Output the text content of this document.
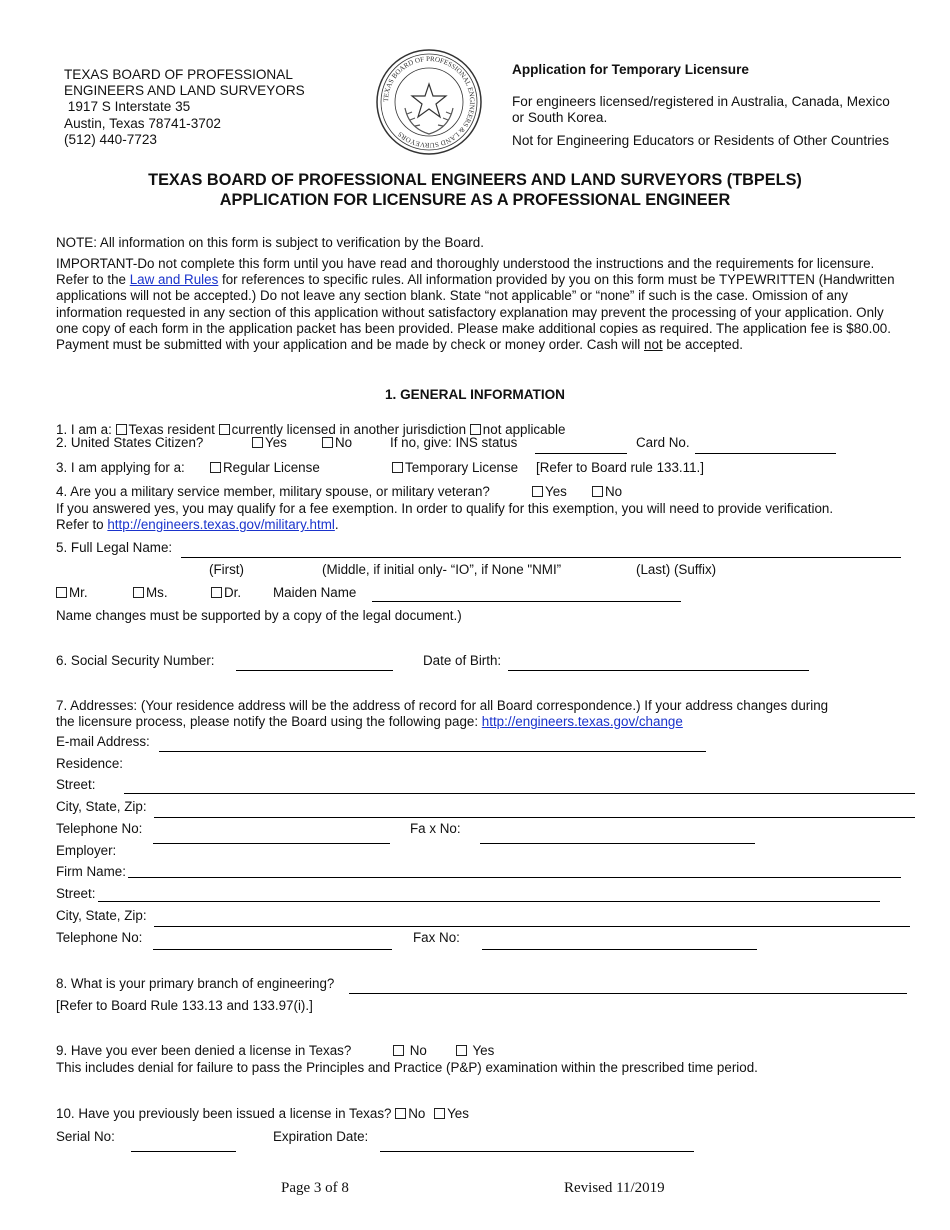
TEXAS BOARD OF PROFESSIONAL
ENGINEERS AND LAND SURVEYORS
1917 S Interstate 35
Austin, Texas 78741-3702
(512) 440-7723
TEXAS BOARD OF PROFESSIONAL ENGINEERS & LAND SURVEYORS
Application for Temporary Licensure
For engineers licensed/registered in Australia, Canada, Mexico
or South Korea.
Not for Engineering Educators or Residents of Other Countries
TEXAS BOARD OF PROFESSIONAL ENGINEERS AND LAND SURVEYORS (TBPELS)
APPLICATION FOR LICENSURE AS A PROFESSIONAL ENGINEER
NOTE: All information on this form is subject to verification by the Board.
IMPORTANT-Do not complete this form until you have read and thoroughly understood the instructions and the requirements for licensure. Refer to the Law and Rules for references to specific rules. All information provided by you on this form must be TYPEWRITTEN (Handwritten applications will not be accepted.) Do not leave any section blank. State “not applicable” or “none” if such is the case. Omission of any information requested in any section of this application without satisfactory explanation may prevent the processing of your application. Only one copy of each form in the application packet has been provided. Please make additional copies as required. The application fee is $80.00. Payment must be submitted with your application and be made by check or money order. Cash will not be accepted.
1. GENERAL INFORMATION
1. I am a: Texas resident currently licensed in another jurisdiction not applicable
2. United States Citizen?	Yes	No	If no, give: INS status	Card No.
3. I am applying for a:	Regular License	Temporary License [Refer to Board rule 133.11.]
4. Are you a military service member, military spouse, or military veteran?	Yes	No
If you answered yes, you may qualify for a fee exemption. In order to qualify for this exemption, you will need to provide verification.
Refer to http://engineers.texas.gov/military.html.
5. Full Legal Name:
(First)	(Middle, if initial only- “IO”, if None "NMI”	(Last) (Suffix)
Mr.	Ms.	Dr. Maiden Name
Name changes must be supported by a copy of the legal document.)
6. Social Security Number:	Date of Birth:
7. Addresses: (Your residence address will be the address of record for all Board correspondence.) If your address changes during
the licensure process, please notify the Board using the following page: http://engineers.texas.gov/change
E-mail Address:
Residence:
Street:
City, State, Zip:
Telephone No:	Fa x No:
Employer:
Firm Name:
Street:
City, State, Zip:
Telephone No:	Fax No:
8. What is your primary branch of engineering?
[Refer to Board Rule 133.13 and 133.97(i).]
9. Have you ever been denied a license in Texas?	No	Yes
This includes denial for failure to pass the Principles and Practice (P&P) examination within the prescribed time period.
10. Have you previously been issued a license in Texas? No Yes
Serial No:	Expiration Date:
Page 3 of 8	Revised 11/2019
